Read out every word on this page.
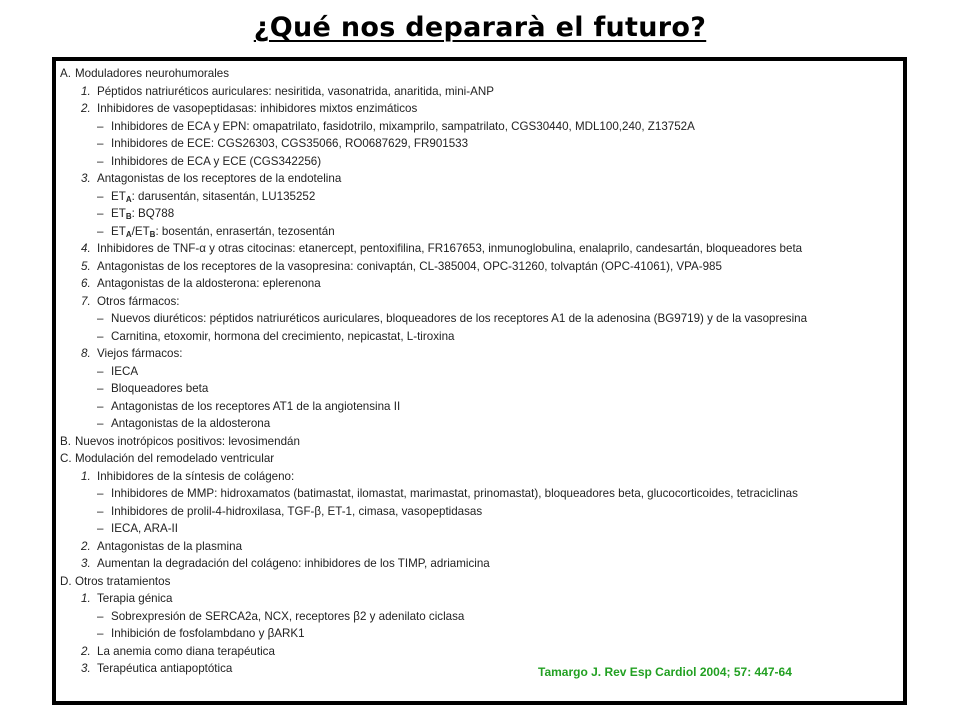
¿Qué nos depararà el futuro?
A. Moduladores neurohumorales
1. Péptidos natriuréticos auriculares: nesiritida, vasonatrida, anaritida, mini-ANP
2. Inhibidores de vasopeptidasas: inhibidores mixtos enzimáticos
– Inhibidores de ECA y EPN: omapatrilato, fasidotrilo, mixamprilo, sampatrilato, CGS30440, MDL100,240, Z13752A
– Inhibidores de ECE: CGS26303, CGS35066, RO0687629, FR901533
– Inhibidores de ECA y ECE (CGS342256)
3. Antagonistas de los receptores de la endotelina
– $ET_A$: darusentán, sitasentán, LU135252
– $ET_B$: BQ788
– $ET_A/ET_B$: bosentán, enrasertán, tezosentán
4. Inhibidores de TNF-α y otras citocinas: etanercept, pentoxifilina, FR167653, inmunoglobulina, enalaprilo, candesartán, bloqueadores beta
5. Antagonistas de los receptores de la vasopresina: conivaptán, CL-385004, OPC-31260, tolvaptán (OPC-41061), VPA-985
6. Antagonistas de la aldosterona: eplerenona
7. Otros fármacos:
– Nuevos diuréticos: péptidos natriuréticos auriculares, bloqueadores de los receptores A1 de la adenosina (BG9719) y de la vasopresina
– Carnitina, etoxomir, hormona del crecimiento, nepicastat, L-tiroxina
8. Viejos fármacos:
– IECA
– Bloqueadores beta
– Antagonistas de los receptores AT1 de la angiotensina II
– Antagonistas de la aldosterona
B. Nuevos inotrópicos positivos: levosimendán
C. Modulación del remodelado ventricular
1. Inhibidores de la síntesis de colágeno:
– Inhibidores de MMP: hidroxamatos (batimastat, ilomastat, marimastat, prinomastat), bloqueadores beta, glucocorticoides, tetraciclinas
– Inhibidores de prolil-4-hidroxilasa, TGF-β, ET-1, cimasa, vasopeptidasas
– IECA, ARA-II
2. Antagonistas de la plasmina
3. Aumentan la degradación del colágeno: inhibidores de los TIMP, adriamicina
D. Otros tratamientos
1. Terapia génica
– Sobrexpresión de SERCA2a, NCX, receptores β2 y adenilato ciclasa
– Inhibición de fosfolambdano y βARK1
2. La anemia como diana terapéutica
3. Terapéutica antiapoptótica	Tamargo J. Rev Esp Cardiol 2004; 57: 447-64
